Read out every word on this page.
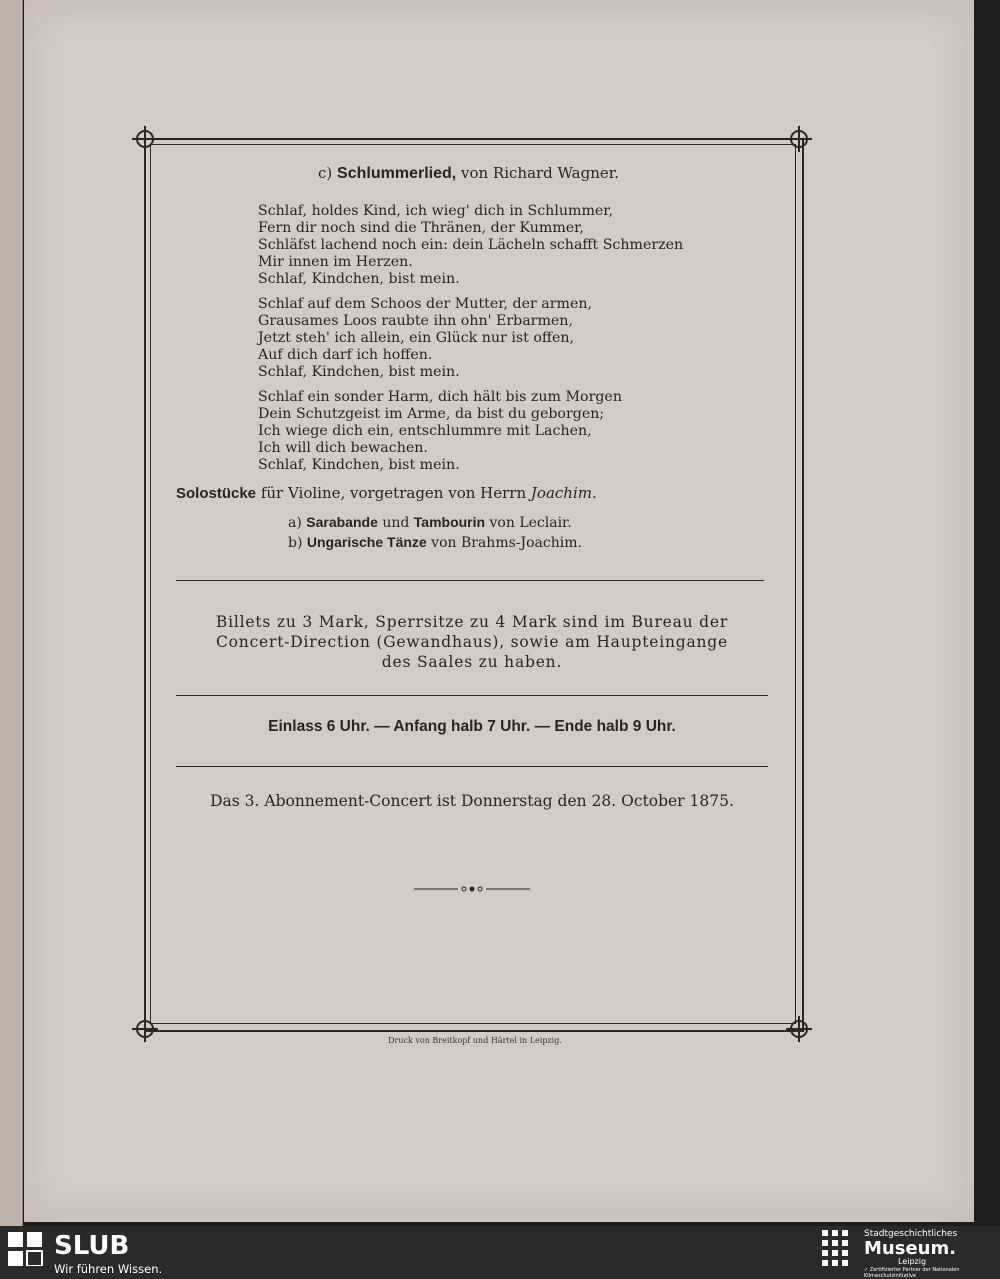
c) Schlummerlied, von Richard Wagner.
Schlaf, holdes Kind, ich wieg' dich in Schlummer,
Fern dir noch sind die Thränen, der Kummer,
Schläfst lachend noch ein: dein Lächeln schafft Schmerzen
Mir innen im Herzen.
Schlaf, Kindchen, bist mein.
Schlaf auf dem Schoos der Mutter, der armen,
Grausames Loos raubte ihn ohn' Erbarmen,
Jetzt steh' ich allein, ein Glück nur ist offen,
Auf dich darf ich hoffen.
Schlaf, Kindchen, bist mein.
Schlaf ein sonder Harm, dich hält bis zum Morgen
Dein Schutzgeist im Arme, da bist du geborgen;
Ich wiege dich ein, entschlummre mit Lachen,
Ich will dich bewachen.
Schlaf, Kindchen, bist mein.
Solostücke für Violine, vorgetragen von Herrn Joachim.
a) Sarabande und Tambourin von Leclair.
b) Ungarische Tänze von Brahms-Joachim.
Billets zu 3 Mark, Sperrsitze zu 4 Mark sind im Bureau der
Concert-Direction (Gewandhaus), sowie am Haupteingange
des Saales zu haben.
Einlass 6 Uhr. — Anfang halb 7 Uhr. — Ende halb 9 Uhr.
Das 3. Abonnement-Concert ist Donnerstag den 28. October 1875.
Druck von Breitkopf und Härtel in Leipzig.
SLUB
Wir führen Wissen.
Stadtgeschichtliches
Museum.
Leipzig
✓ Zertifizierter Partner der Nationalen Klimaschutzinitiative
